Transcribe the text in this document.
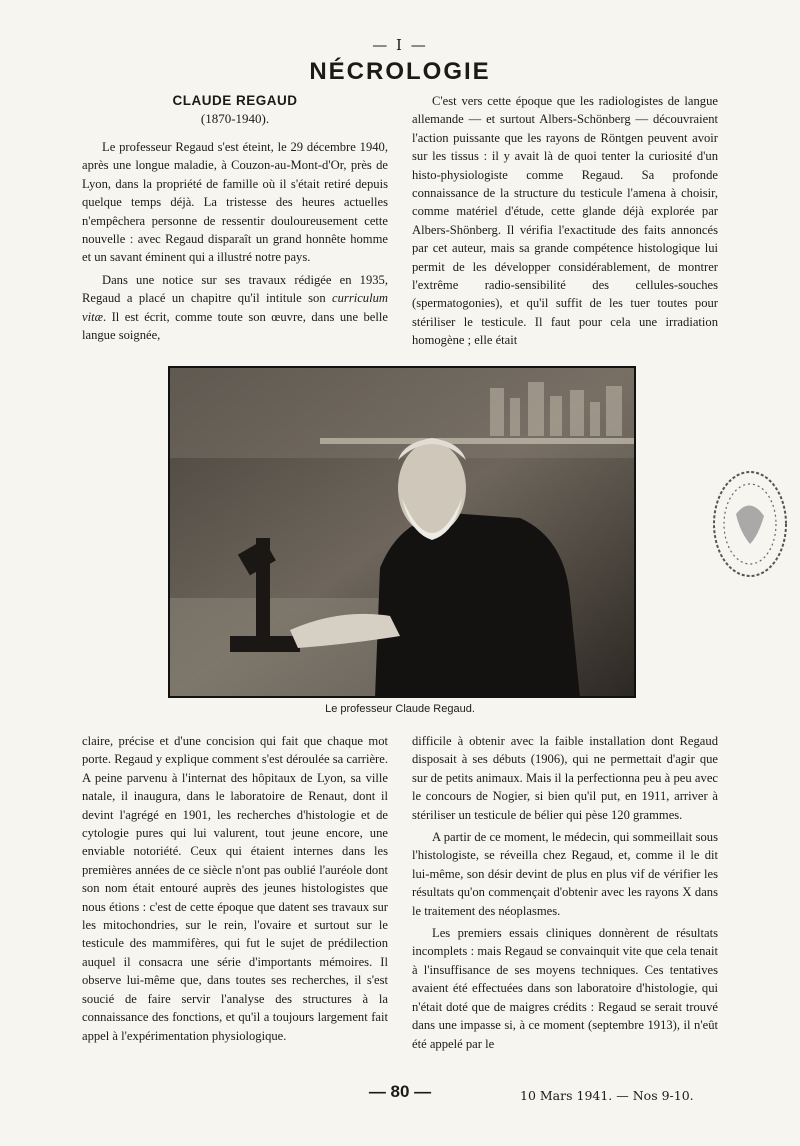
— I —
NÉCROLOGIE
CLAUDE REGAUD
(1870-1940).

Le professeur Regaud s'est éteint, le 29 décembre 1940, après une longue maladie, à Couzon-au-Mont-d'Or, près de Lyon, dans la propriété de famille où il s'était retiré depuis quelque temps déjà. La tristesse des heures actuelles n'empêchera personne de ressentir douloureusement cette nouvelle : avec Regaud disparaît un grand honnête homme et un savant éminent qui a illustré notre pays.

Dans une notice sur ses travaux rédigée en 1935, Regaud a placé un chapitre qu'il intitule son curriculum vitæ. Il est écrit, comme toute son œuvre, dans une belle langue soignée,

C'est vers cette époque que les radiologistes de langue allemande — et surtout Albers-Schönberg — découvraient l'action puissante que les rayons de Röntgen peuvent avoir sur les tissus : il y avait là de quoi tenter la curiosité d'un histo-physiologiste comme Regaud. Sa profonde connaissance de la structure du testicule l'amena à choisir, comme matériel d'étude, cette glande déjà explorée par Albers-Shönberg. Il vérifia l'exactitude des faits annoncés par cet auteur, mais sa grande compétence histologique lui permit de les développer considérablement, de montrer l'extrême radio-sensibilité des cellules-souches (spermatogonies), et qu'il suffit de les tuer toutes pour stériliser le testicule. Il faut pour cela une irradiation homogène ; elle était

Le professeur Claude Regaud.

claire, précise et d'une concision qui fait que chaque mot porte. Regaud y explique comment s'est déroulée sa carrière. A peine parvenu à l'internat des hôpitaux de Lyon, sa ville natale, il inaugura, dans le laboratoire de Renaut, dont il devint l'agrégé en 1901, les recherches d'histologie et de cytologie pures qui lui valurent, tout jeune encore, une enviable notoriété. Ceux qui étaient internes dans les premières années de ce siècle n'ont pas oublié l'auréole dont son nom était entouré auprès des jeunes histologistes que nous étions : c'est de cette époque que datent ses travaux sur les mitochondries, sur le rein, l'ovaire et surtout sur le testicule des mammifères, qui fut le sujet de prédilection auquel il consacra une série d'importants mémoires. Il observe lui-même que, dans toutes ses recherches, il s'est soucié de faire servir l'analyse des structures à la connaissance des fonctions, et qu'il a toujours largement fait appel à l'expérimentation physiologique.

difficile à obtenir avec la faible installation dont Regaud disposait à ses débuts (1906), qui ne permettait d'agir que sur de petits animaux. Mais il la perfectionna peu à peu avec le concours de Nogier, si bien qu'il put, en 1911, arriver à stériliser un testicule de bélier qui pèse 120 grammes.

A partir de ce moment, le médecin, qui sommeillait sous l'histologiste, se réveilla chez Regaud, et, comme il le dit lui-même, son désir devint de plus en plus vif de vérifier les résultats qu'on commençait d'obtenir avec les rayons X dans le traitement des néoplasmes.

Les premiers essais cliniques donnèrent de résultats incomplets : mais Regaud se convainquit vite que cela tenait à l'insuffisance de ses moyens techniques. Ces tentatives avaient été effectuées dans son laboratoire d'histologie, qui n'était doté que de maigres crédits : Regaud se serait trouvé dans une impasse si, à ce moment (septembre 1913), il n'eût été appelé par le

— 80 —	10 Mars 1941. — Nos 9-10.
